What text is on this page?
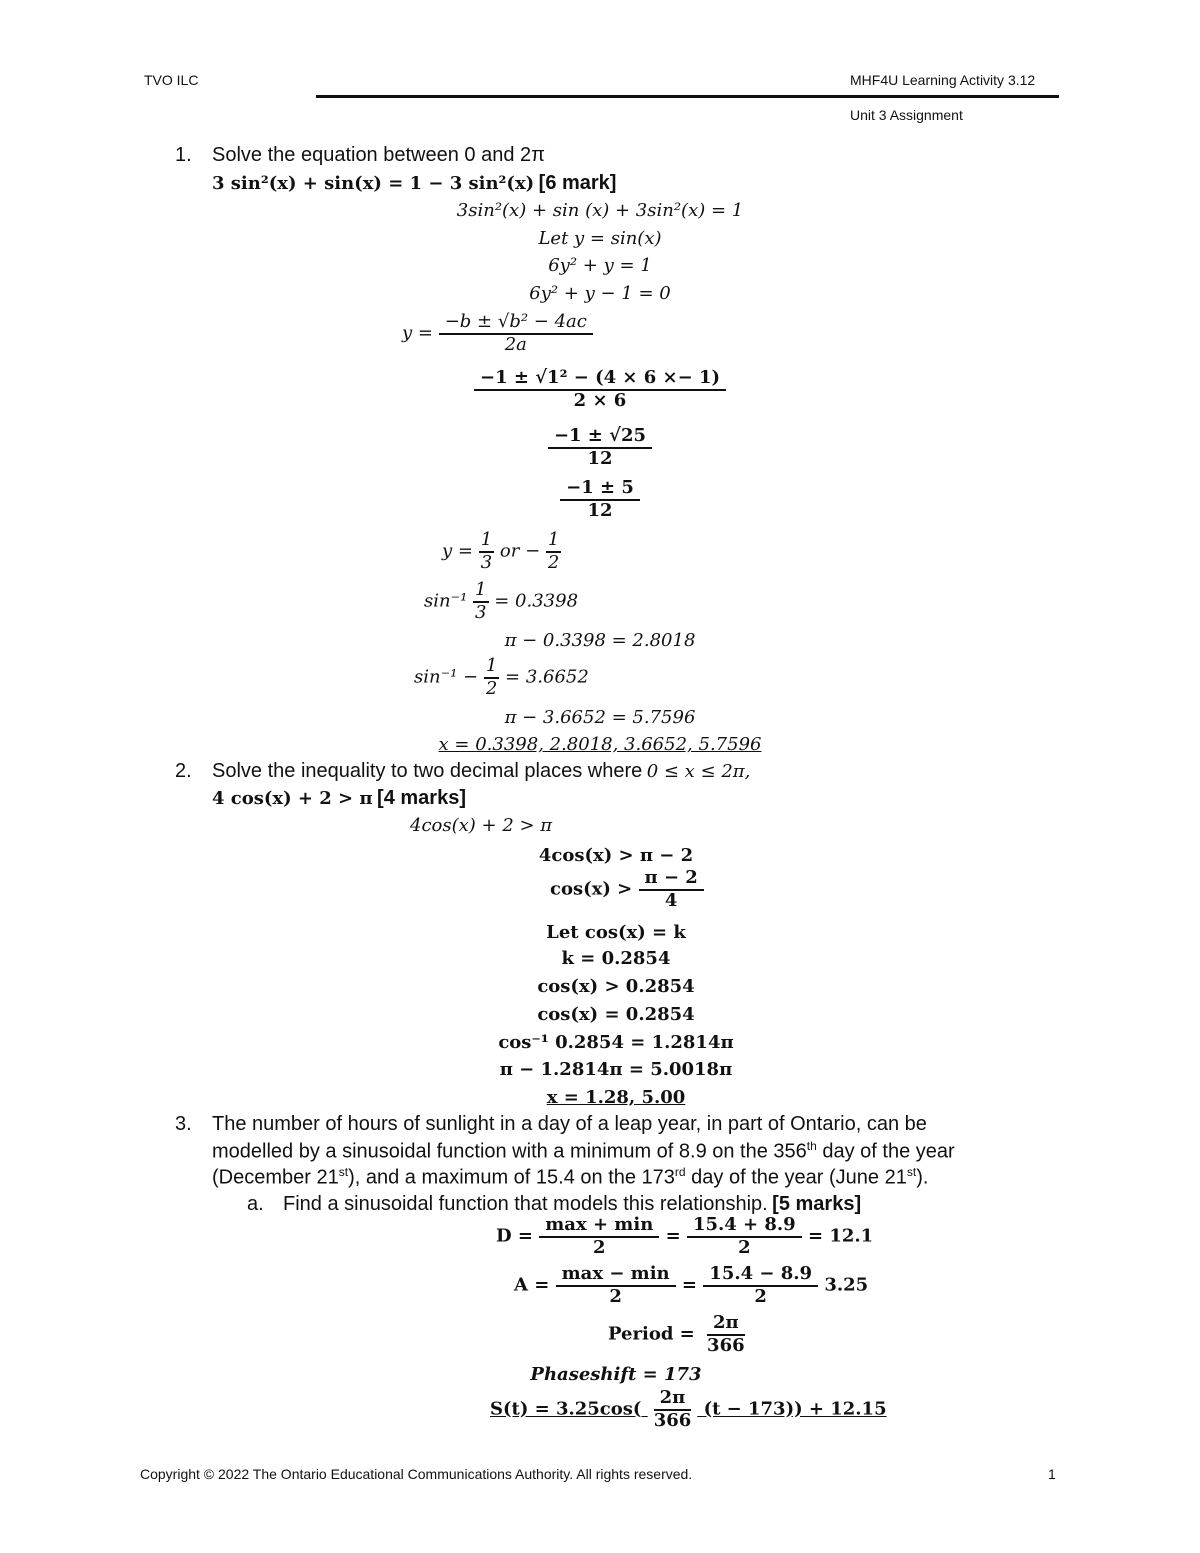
TVO ILC	MHF4U Learning Activity 3.12
Unit 3 Assignment
1. Solve the equation between 0 and 2π
3 sin²(x) + sin(x) = 1 − 3 sin²(x) [6 mark]
3sin²(x) + sin (x) + 3sin²(x) = 1
Let y = sin(x)
6y² + y = 1
6y² + y − 1 = 0
$y = \frac{\text{−b ± √b² − 4ac}}{2a}$
$\frac{\text{−1 ± √1² − (4 × 6 ×− 1)}}{2 \times 6}$
$\frac{-1 \pm √25}{12}$
$\frac{-1 \pm 5}{12}$
$y = \frac{1}{3}$ or − $\frac{1}{2}$
$\sin^{-1} \frac{1}{3} = 0.3398$
π − 0.3398 = 2.8018
$\sin^{-1} - \frac{1}{2} = 3.6652$
π − 3.6652 = 5.7596
x = 0.3398, 2.8018, 3.6652, 5.7596
2. Solve the inequality to two decimal places where 0 ≤ x ≤ 2π,
4 cos(x) + 2 > π [4 marks]
4cos(x) + 2 > π
4cos(x) > π − 2
$\cos(x) > \frac{\pi - 2}{4}$
Let cos(x) = k
k = 0.2854
cos(x) > 0.2854
cos(x) = 0.2854
cos⁻¹ 0.2854 = 1.2814π
π − 1.2814π = 5.0018π
x = 1.28, 5.00
3. The number of hours of sunlight in a day of a leap year, in part of Ontario, can be
modelled by a sinusoidal function with a minimum of 8.9 on the 356th day of the year
(December 21st), and a maximum of 15.4 on the 173rd day of the year (June 21st).
a. Find a sinusoidal function that models this relationship. [5 marks]
$D = \frac{\max + \min}{2} = \frac{15.4 + 8.9}{2} = 12.1$
$A = \frac{\max - \min}{2} = \frac{15.4 - 8.9}{2} 3.25$
Period = $\frac{2\pi}{366}$
Phaseshift = 173
$S(t) = 3.25\cos( \frac{2\pi}{366} (t - 173)) + 12.15$
Copyright © 2022 The Ontario Educational Communications Authority. All rights reserved.	1
